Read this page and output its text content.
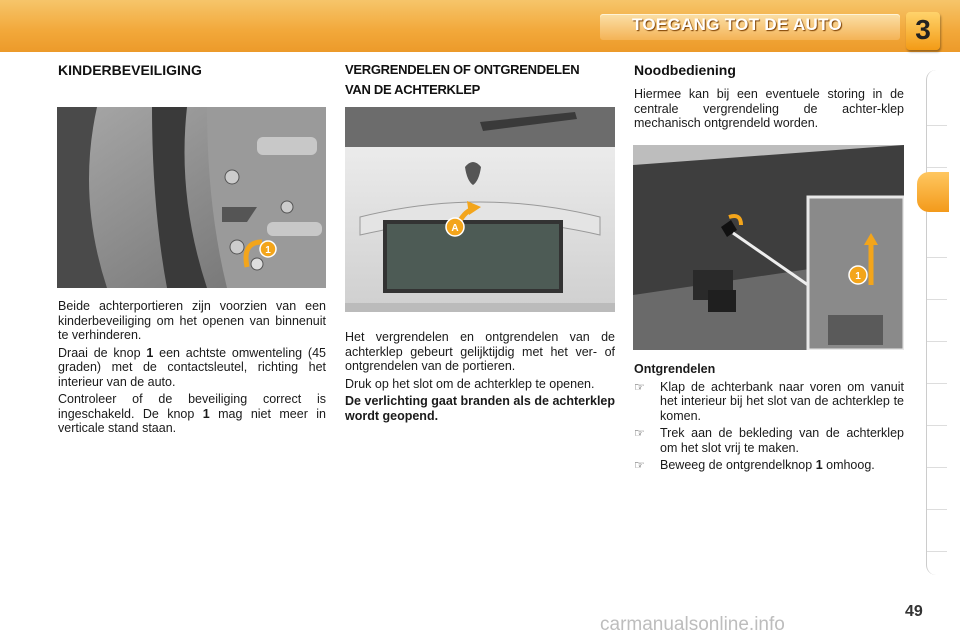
TOEGANG TOT DE AUTO	3
KINDERBEVEILIGING
1
Beide achterportieren zijn voorzien van een kinderbeveiliging om het openen van binnenuit te verhinderen.
Draai de knop 1 een achtste omwenteling (45 graden) met de contactsleutel, richting het interieur van de auto.
Controleer of de beveiliging correct is ingeschakeld. De knop 1 mag niet meer in verticale stand staan.
VERGRENDELEN OF ONTGRENDELEN
VAN DE ACHTERKLEP
A
Het vergrendelen en ontgrendelen van de achterklep gebeurt gelijktijdig met het ver- of ontgrendelen van de portieren.
Druk op het slot om de achterklep te openen.
De verlichting gaat branden als de achterklep wordt geopend.
Noodbediening
Hiermee kan bij een eventuele storing in de centrale vergrendeling de achter-klep mechanisch ontgrendeld worden.
1
Ontgrendelen
☞	Klap de achterbank naar voren om vanuit het interieur bij het slot van de achterklep te komen.
☞	Trek aan de bekleding van de achterklep om het slot vrij te maken.
☞	Beweeg de ontgrendelknop 1 omhoog.
49
carmanualsonline.info
